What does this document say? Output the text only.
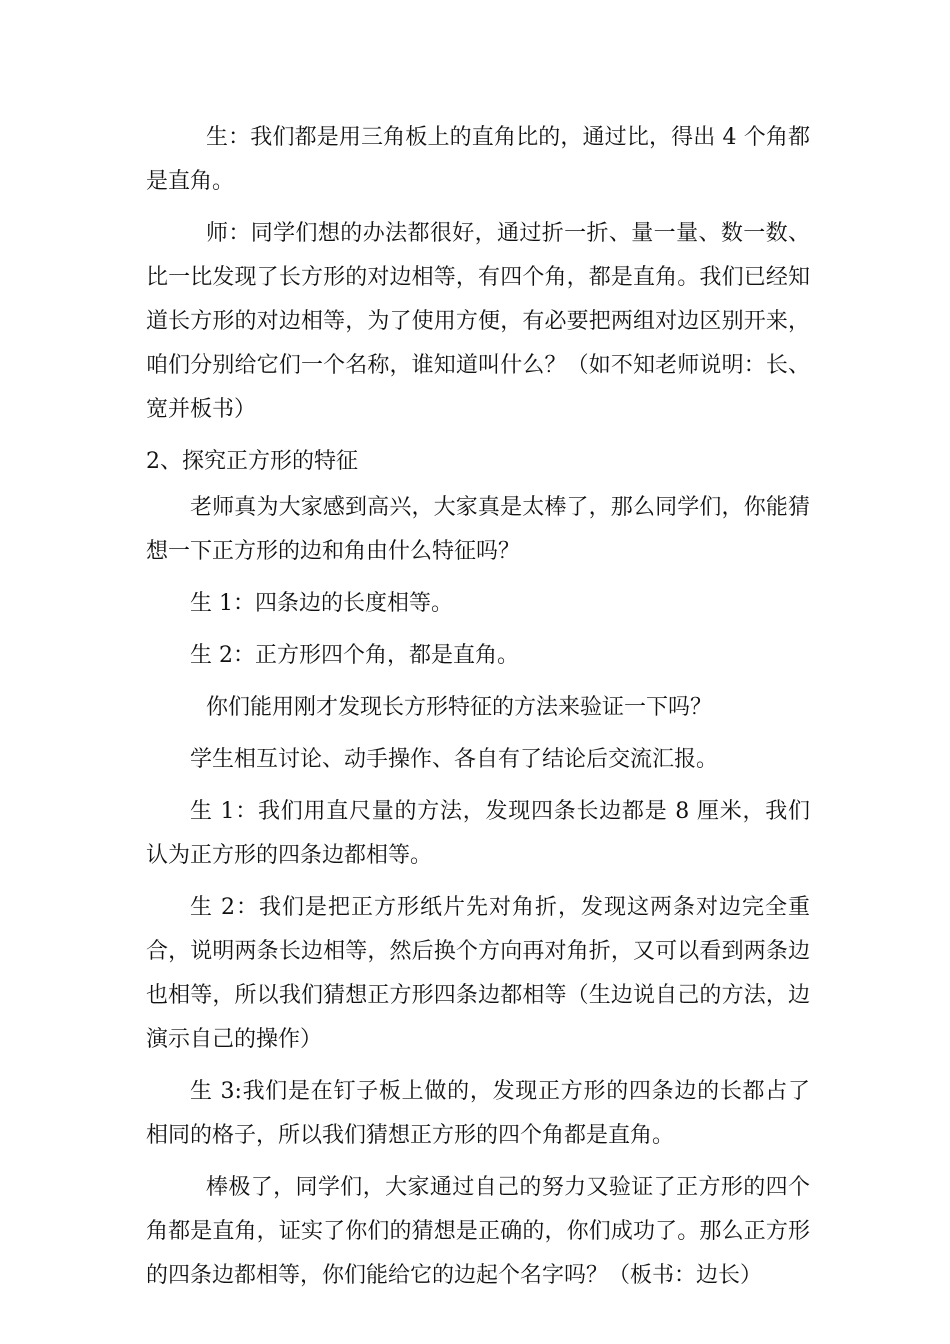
生：我们都是用三角板上的直角比的，通过比，得出 4 个角都是直角。

师：同学们想的办法都很好，通过折一折、量一量、数一数、比一比发现了长方形的对边相等，有四个角，都是直角。我们已经知道长方形的对边相等，为了使用方便，有必要把两组对边区别开来，咱们分别给它们一个名称，谁知道叫什么？（如不知老师说明：长、宽并板书）

2、探究正方形的特征

老师真为大家感到高兴，大家真是太棒了，那么同学们，你能猜想一下正方形的边和角由什么特征吗？

生 1：四条边的长度相等。

生 2：正方形四个角，都是直角。

你们能用刚才发现长方形特征的方法来验证一下吗？

学生相互讨论、动手操作、各自有了结论后交流汇报。

生 1：我们用直尺量的方法，发现四条长边都是 8 厘米，我们认为正方形的四条边都相等。

生 2：我们是把正方形纸片先对角折，发现这两条对边完全重合，说明两条长边相等，然后换个方向再对角折，又可以看到两条边也相等，所以我们猜想正方形四条边都相等（生边说自己的方法，边演示自己的操作）

生 3:我们是在钉子板上做的，发现正方形的四条边的长都占了相同的格子，所以我们猜想正方形的四个角都是直角。

棒极了，同学们，大家通过自己的努力又验证了正方形的四个角都是直角，证实了你们的猜想是正确的，你们成功了。那么正方形的四条边都相等，你们能给它的边起个名字吗？（板书：边长）
